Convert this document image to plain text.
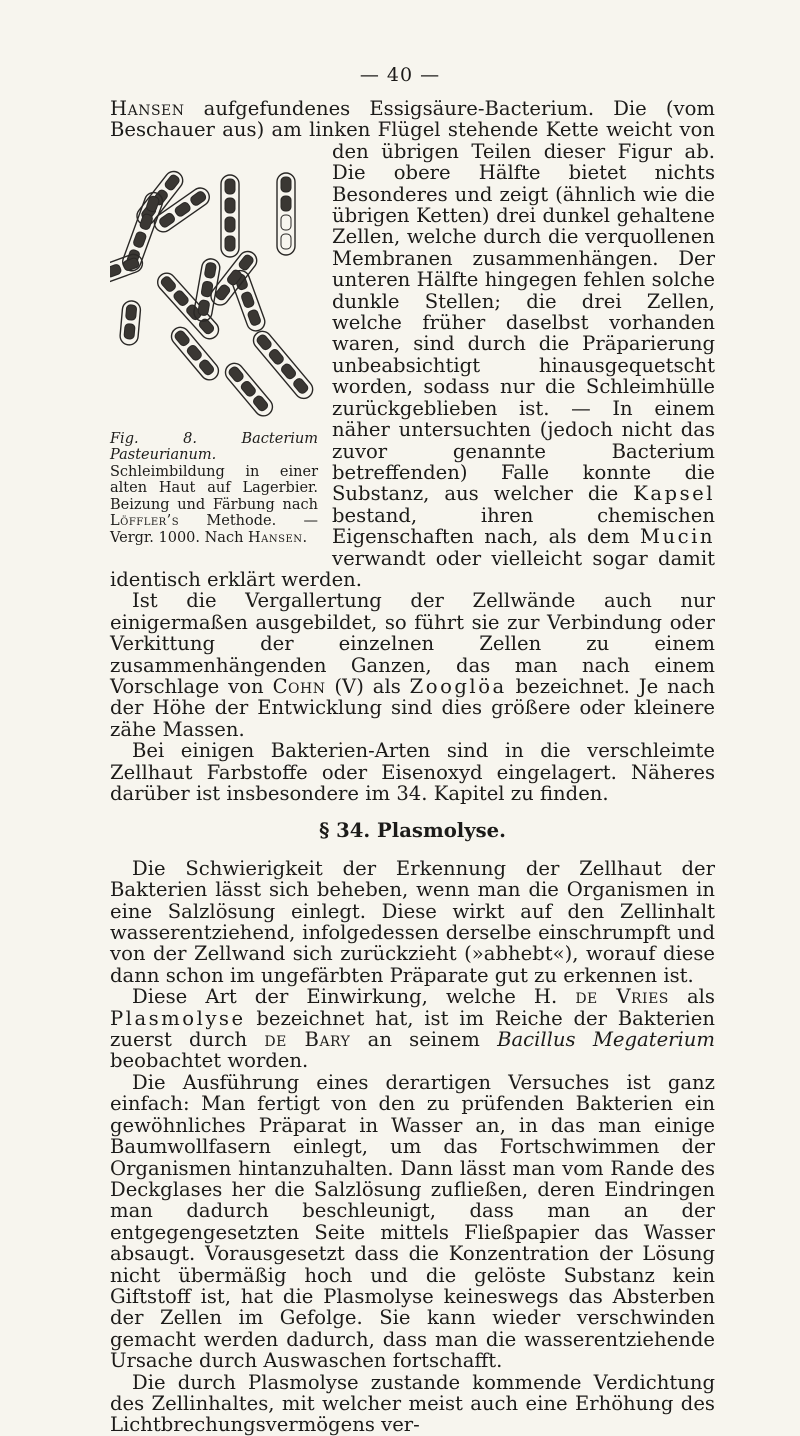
— 40 —

Hansen aufgefundenes Essigsäure-Bacterium. Die (vom Beschauer aus) am linken Flügel stehende Kette weicht von den übrigen Teilen dieser Figur ab.
Fig. 8. Bacterium Pasteurianum. Schleimbildung in einer alten Haut auf Lagerbier. Beizung und Färbung nach Löffler’s Methode. — Vergr. 1000. Nach Hansen.
Die obere Hälfte bietet nichts Besonderes und zeigt (ähnlich wie die übrigen Ketten) drei dunkel gehaltene Zellen, welche durch die verquollenen Membranen zusammenhängen. Der unteren Hälfte hingegen fehlen solche dunkle Stellen; die drei Zellen, welche früher daselbst vorhanden waren, sind durch die Präparierung unbeabsichtigt hinausgequetscht worden, sodass nur die Schleimhülle zurückgeblieben ist. — In einem näher untersuchten (jedoch nicht das zuvor genannte Bacterium betreffenden) Falle konnte die Substanz, aus welcher die Kapsel bestand, ihren chemischen Eigenschaften nach, als dem Mucin verwandt oder vielleicht sogar damit identisch erklärt werden.

Ist die Vergallertung der Zellwände auch nur einigermaßen ausgebildet, so führt sie zur Verbindung oder Verkittung der einzelnen Zellen zu einem zusammenhängenden Ganzen, das man nach einem Vorschlage von Cohn (V) als Zooglöa bezeichnet. Je nach der Höhe der Entwicklung sind dies größere oder kleinere zähe Massen.

Bei einigen Bakterien-Arten sind in die verschleimte Zellhaut Farbstoffe oder Eisenoxyd eingelagert. Näheres darüber ist insbesondere im 34. Kapitel zu finden.

§ 34. Plasmolyse.

Die Schwierigkeit der Erkennung der Zellhaut der Bakterien lässt sich beheben, wenn man die Organismen in eine Salzlösung einlegt. Diese wirkt auf den Zellinhalt wasserentziehend, infolgedessen derselbe einschrumpft und von der Zellwand sich zurückzieht (»abhebt«), worauf diese dann schon im ungefärbten Präparate gut zu erkennen ist.

Diese Art der Einwirkung, welche H. de Vries als Plasmolyse bezeichnet hat, ist im Reiche der Bakterien zuerst durch de Bary an seinem Bacillus Megaterium beobachtet worden.

Die Ausführung eines derartigen Versuches ist ganz einfach: Man fertigt von den zu prüfenden Bakterien ein gewöhnliches Präparat in Wasser an, in das man einige Baumwollfasern einlegt, um das Fortschwimmen der Organismen hintanzuhalten. Dann lässt man vom Rande des Deckglases her die Salzlösung zufließen, deren Eindringen man dadurch beschleunigt, dass man an der entgegengesetzten Seite mittels Fließpapier das Wasser absaugt. Vorausgesetzt dass die Konzentration der Lösung nicht übermäßig hoch und die gelöste Substanz kein Giftstoff ist, hat die Plasmolyse keineswegs das Absterben der Zellen im Gefolge. Sie kann wieder verschwinden gemacht werden dadurch, dass man die wasserentziehende Ursache durch Auswaschen fortschafft.

Die durch Plasmolyse zustande kommende Verdichtung des Zellinhaltes, mit welcher meist auch eine Erhöhung des Lichtbrechungsvermögens ver-
